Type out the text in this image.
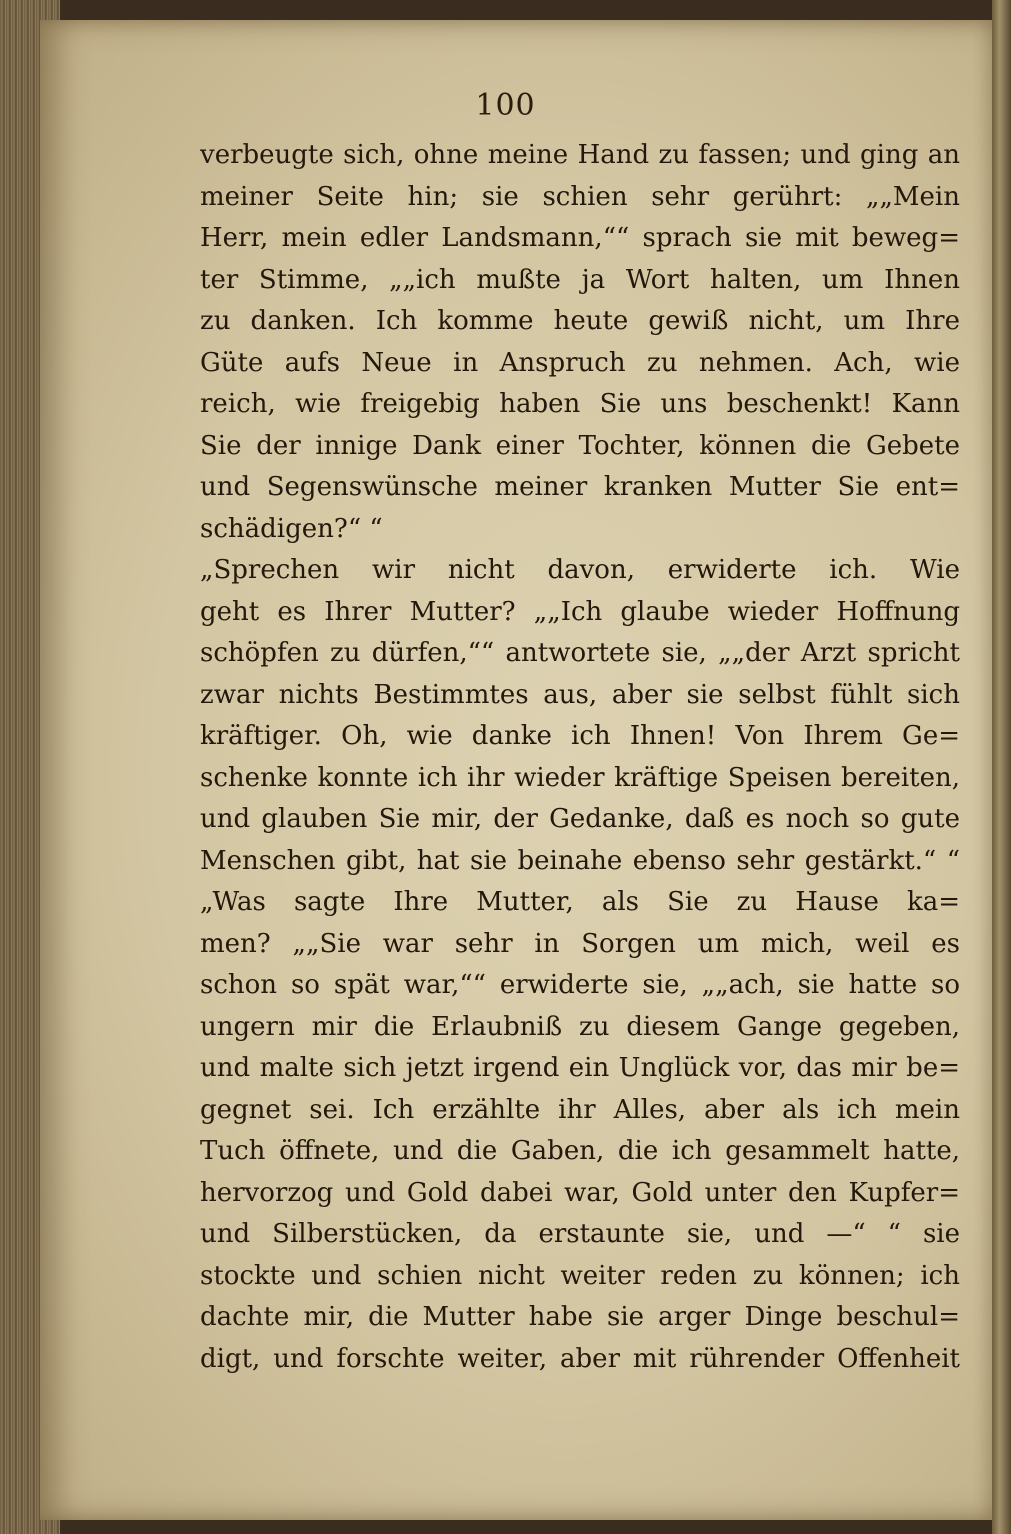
100
verbeugte sich, ohne meine Hand zu fassen; und ging an
meiner Seite hin; sie schien sehr gerührt: „„Mein
Herr, mein edler Landsmann,““ sprach sie mit beweg=
ter Stimme, „„ich mußte ja Wort halten, um Ihnen
zu danken. Ich komme heute gewiß nicht, um Ihre
Güte aufs Neue in Anspruch zu nehmen. Ach, wie
reich, wie freigebig haben Sie uns beschenkt! Kann
Sie der innige Dank einer Tochter, können die Gebete
und Segenswünsche meiner kranken Mutter Sie ent=
schädigen?“ “
„Sprechen wir nicht davon, erwiderte ich. Wie
geht es Ihrer Mutter? „„Ich glaube wieder Hoffnung
schöpfen zu dürfen,““ antwortete sie, „„der Arzt spricht
zwar nichts Bestimmtes aus, aber sie selbst fühlt sich
kräftiger. Oh, wie danke ich Ihnen! Von Ihrem Ge=
schenke konnte ich ihr wieder kräftige Speisen bereiten,
und glauben Sie mir, der Gedanke, daß es noch so gute
Menschen gibt, hat sie beinahe ebenso sehr gestärkt.“ “
„Was sagte Ihre Mutter, als Sie zu Hause ka=
men? „„Sie war sehr in Sorgen um mich, weil es
schon so spät war,““ erwiderte sie, „„ach, sie hatte so
ungern mir die Erlaubniß zu diesem Gange gegeben,
und malte sich jetzt irgend ein Unglück vor, das mir be=
gegnet sei. Ich erzählte ihr Alles, aber als ich mein
Tuch öffnete, und die Gaben, die ich gesammelt hatte,
hervorzog und Gold dabei war, Gold unter den Kupfer=
und Silberstücken, da erstaunte sie, und —“ “ sie
stockte und schien nicht weiter reden zu können; ich
dachte mir, die Mutter habe sie arger Dinge beschul=
digt, und forschte weiter, aber mit rührender Offenheit
